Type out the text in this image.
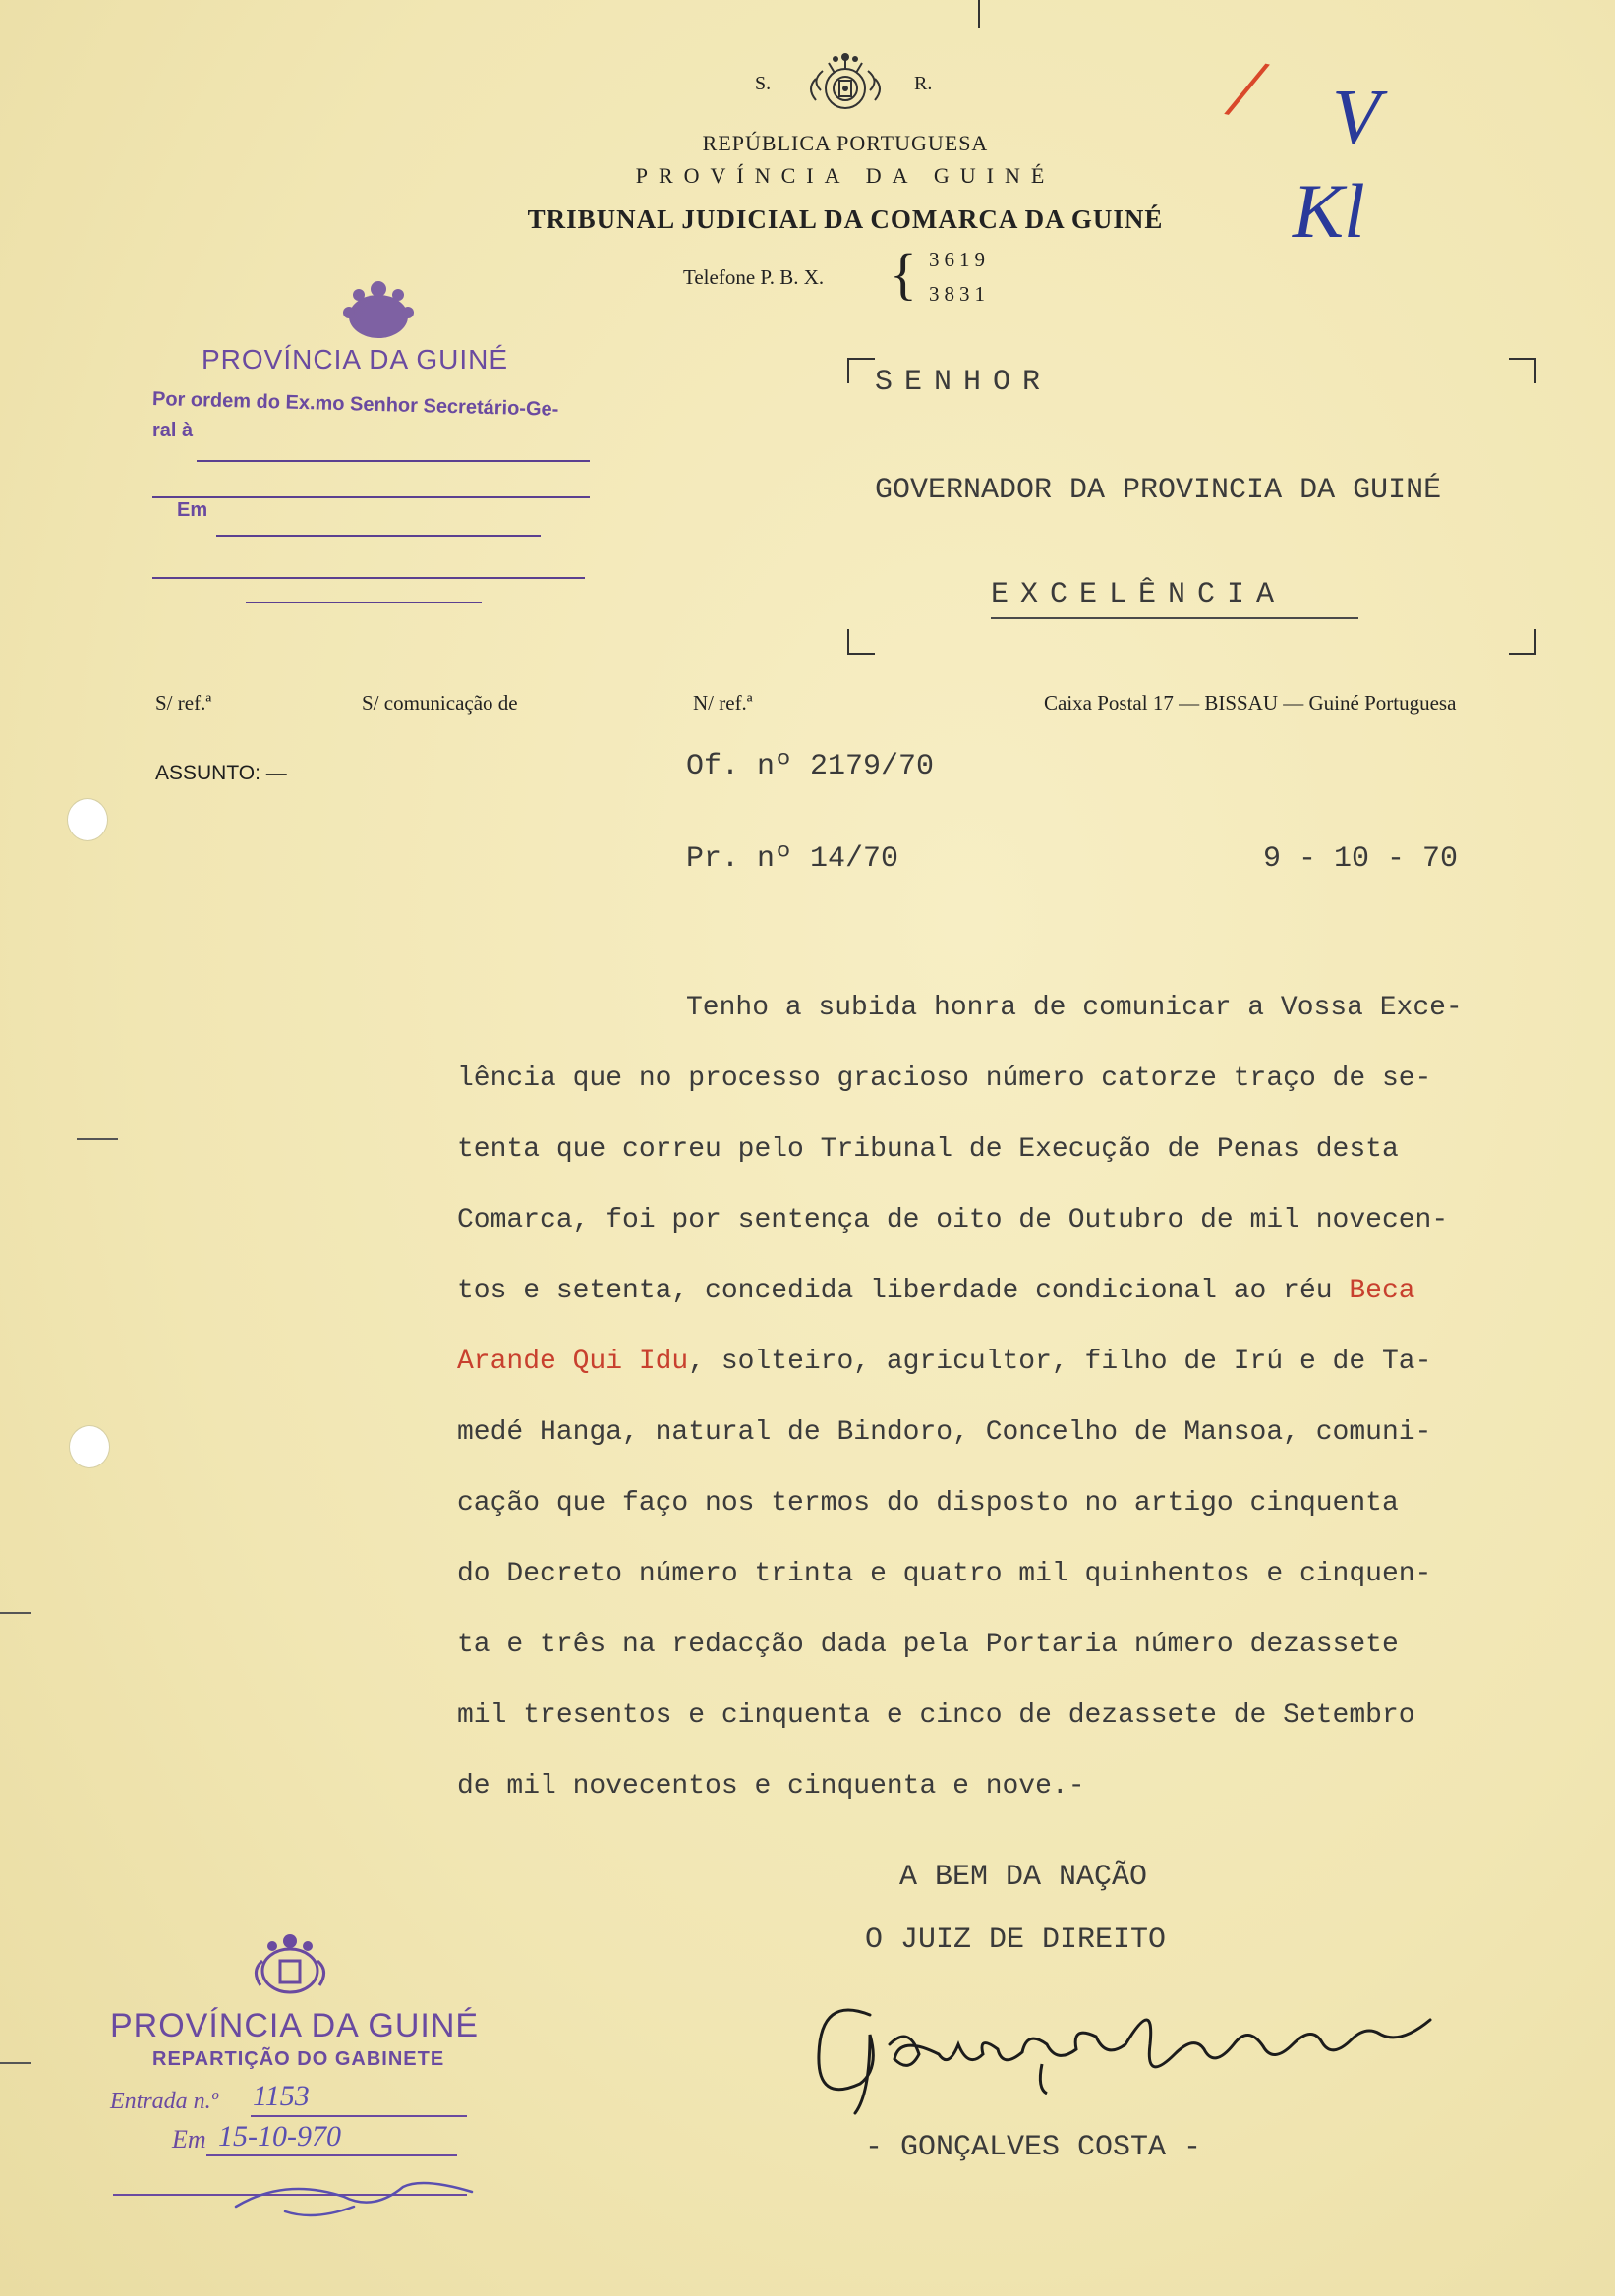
S.	R.
REPÚBLICA PORTUGUESA
PROVÍNCIA DA GUINÉ
TRIBUNAL JUDICIAL DA COMARCA DA GUINÉ
Telefone P. B. X. { 3619
3831
/ V
Kl
PROVÍNCIA DA GUINÉ
Por ordem do Ex.mo Senhor Secretário-Ge-
ral à
Em
SENHOR
GOVERNADOR DA PROVINCIA DA GUINÉ
EXCELÊNCIA
S/ ref.ª	S/ comunicação de	N/ ref.ª	Caixa Postal 17 — BISSAU — Guiné Portuguesa
ASSUNTO: —	Of. nº 2179/70
Pr. nº 14/70	9 - 10 - 70
Tenho a subida honra de comunicar a Vossa Exce-
lência que no processo gracioso número catorze traço de se-
tenta que correu pelo Tribunal de Execução de Penas desta
Comarca, foi por sentença de oito de Outubro de mil novecen-
tos e setenta, concedida liberdade condicional ao réu Beca
Arande Qui Idu, solteiro, agricultor, filho de Irú e de Ta-
medé Hanga, natural de Bindoro, Concelho de Mansoa, comuni-
cação que faço nos termos do disposto no artigo cinquenta
do Decreto número trinta e quatro mil quinhentos e cinquen-
ta e três na redacção dada pela Portaria número dezassete
mil tresentos e cinquenta e cinco de dezassete de Setembro
de mil novecentos e cinquenta e nove.-
A BEM DA NAÇÃO
O JUIZ DE DIREITO
- GONÇALVES COSTA -
PROVÍNCIA DA GUINÉ
REPARTIÇÃO DO GABINETE
Entrada n.º 1153
Em 15-10-970
